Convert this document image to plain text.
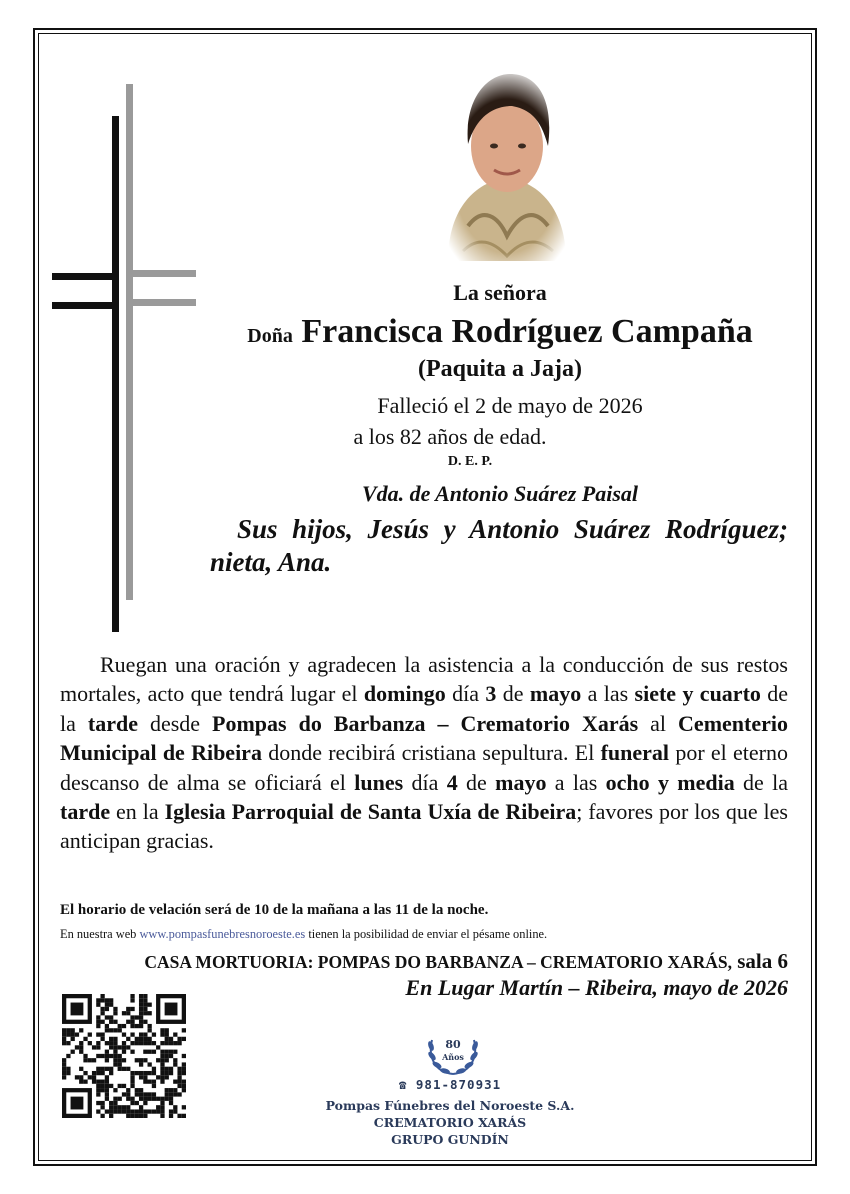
La señora
Doña Francisca Rodríguez Campaña
(Paquita a Jaja)
Falleció el 2 de mayo de 2026
a los 82 años de edad.
D. E. P.
Vda. de Antonio Suárez Paisal
Sus hijos, Jesús y Antonio Suárez Rodríguez; nieta, Ana.
Ruegan una oración y agradecen la asistencia a la conducción de sus restos mortales, acto que tendrá lugar el domingo día 3 de mayo a las siete y cuarto de la tarde desde Pompas do Barbanza – Crematorio Xarás al Cementerio Municipal de Ribeira donde recibirá cristiana sepultura. El funeral por el eterno descanso de alma se oficiará el lunes día 4 de mayo a las ocho y media de la tarde en la Iglesia Parroquial de Santa Uxía de Ribeira; favores por los que les anticipan gracias.
El horario de velación será de 10 de la mañana a las 11 de la noche.
En nuestra web www.pompasfunebresnoroeste.es tienen la posibilidad de enviar el pésame online.
CASA MORTUORIA: POMPAS DO BARBANZA – CREMATORIO XARÁS, sala 6
En Lugar Martín – Ribeira, mayo de 2026
80
Años
☎ 981-870931
Pompas Fúnebres del Noroeste S.A.
CREMATORIO XARÁS
GRUPO GUNDÍN
